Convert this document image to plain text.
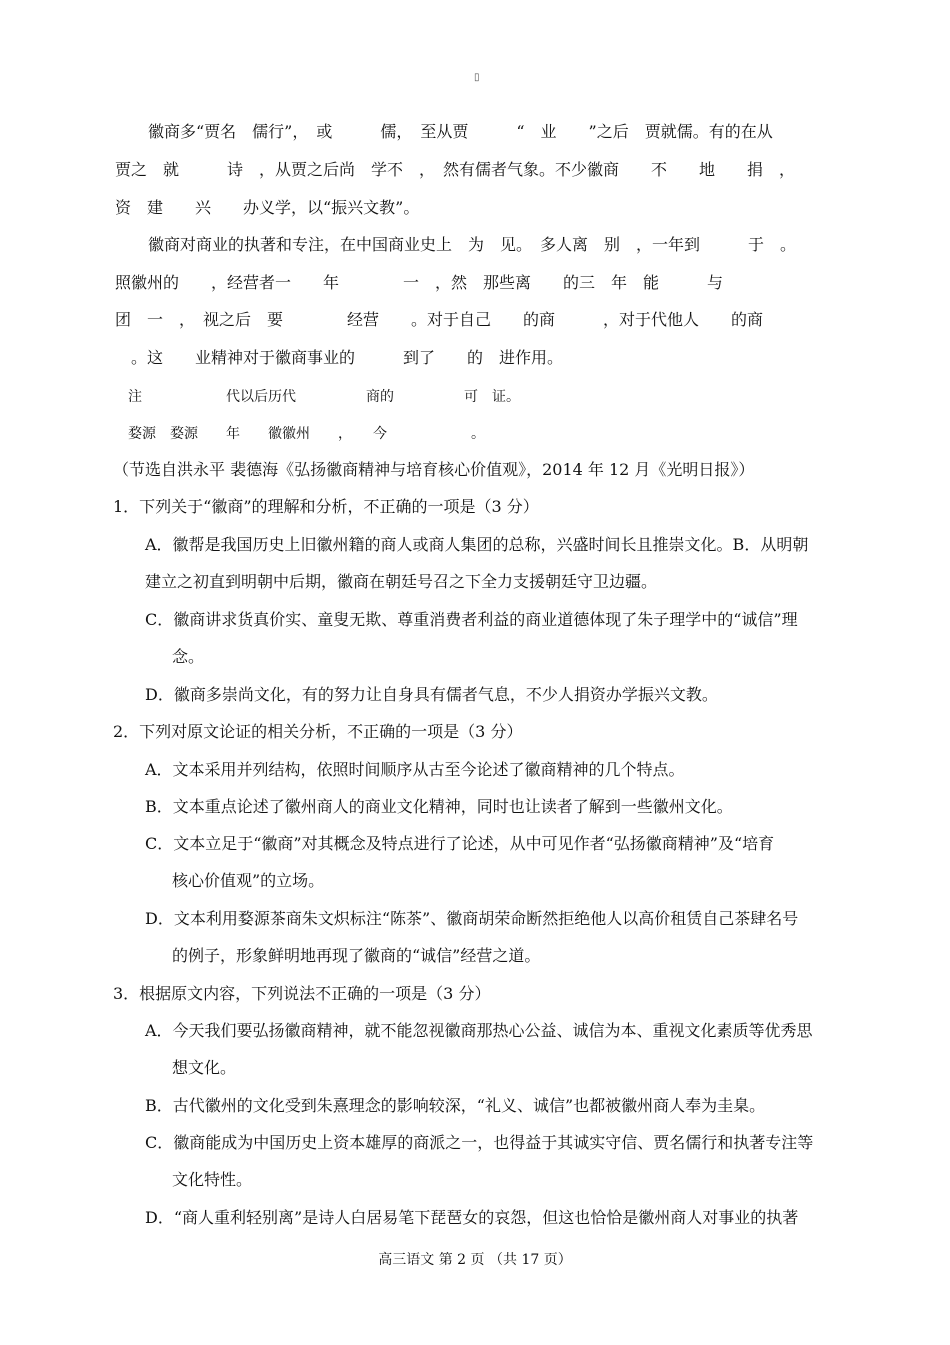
▯
徽商多“贾名　儒行”，　或　　　儒，　至从贾　　　“　业　　”之后　贾就儒。有的在从
贾之　就　　　诗　，从贾之后尚　学不　，　然有儒者气象。不少徽商　　不　　地　　捐　，
资　建　　兴　　办义学，以“振兴文教”。
徽商对商业的执著和专注，在中国商业史上　为　见。　多人离　别　，一年到　　　于　。
照徽州的　　，经营者一　　年　　　　一　，然　那些离　　的三　年　能　　　与
团　一　，　视之后　要　　　　经营　　。对于自己　　的商　　　，对于代他人　　的商
　。这　　业精神对于徽商事业的　　　到了　　的　进作用。
注　　　　　　代以后历代　　　　　商的　　　　　可　证。
婺源　婺源　　年　　徽徽州　　，　　今　　　　　　。
（节选自洪永平 裴德海《弘扬徽商精神与培育核心价值观》，2014 年 12 月《光明日报》）
1．下列关于“徽商”的理解和分析，不正确的一项是（3 分）
A．徽帮是我国历史上旧徽州籍的商人或商人集团的总称，兴盛时间长且推崇文化。B．从明朝
建立之初直到明朝中后期，徽商在朝廷号召之下全力支援朝廷守卫边疆。
C．徽商讲求货真价实、童叟无欺、尊重消费者利益的商业道德体现了朱子理学中的“诚信”理
念。
D．徽商多崇尚文化，有的努力让自身具有儒者气息，不少人捐资办学振兴文教。
2．下列对原文论证的相关分析，不正确的一项是（3 分）
A．文本采用并列结构，依照时间顺序从古至今论述了徽商精神的几个特点。
B．文本重点论述了徽州商人的商业文化精神，同时也让读者了解到一些徽州文化。
C．文本立足于“徽商”对其概念及特点进行了论述，从中可见作者“弘扬徽商精神”及“培育
核心价值观”的立场。
D．文本利用婺源茶商朱文炽标注“陈茶”、徽商胡荣命断然拒绝他人以高价租赁自己茶肆名号
的例子，形象鲜明地再现了徽商的“诚信”经营之道。
3．根据原文内容，下列说法不正确的一项是（3 分）
A．今天我们要弘扬徽商精神，就不能忽视徽商那热心公益、诚信为本、重视文化素质等优秀思
想文化。
B．古代徽州的文化受到朱熹理念的影响较深，“礼义、诚信”也都被徽州商人奉为圭臬。
C．徽商能成为中国历史上资本雄厚的商派之一，也得益于其诚实守信、贾名儒行和执著专注等
文化特性。
D．“商人重利轻别离”是诗人白居易笔下琵琶女的哀怨，但这也恰恰是徽州商人对事业的执著
高三语文 第 2 页 （共 17 页）
